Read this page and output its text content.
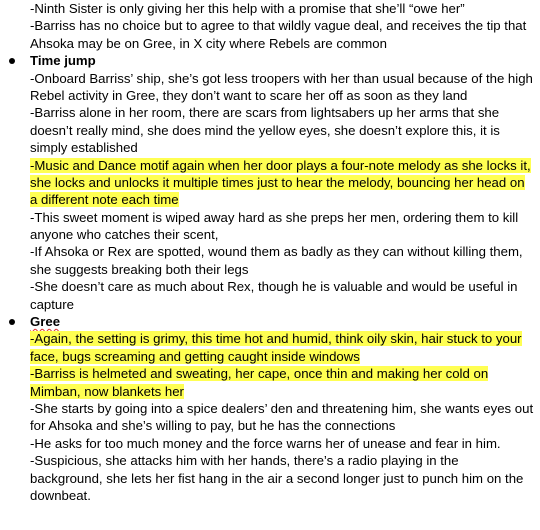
-Ninth Sister is only giving her this help with a promise that she’ll “owe her”
-Barriss has no choice but to agree to that wildly vague deal, and receives the tip that
Ahsoka may be on Gree, in X city where Rebels are common
Time jump
-Onboard Barriss’ ship, she’s got less troopers with her than usual because of the high
Rebel activity in Gree, they don’t want to scare her off as soon as they land
-Barriss alone in her room, there are scars from lightsabers up her arms that she
doesn’t really mind, she does mind the yellow eyes, she doesn’t explore this, it is
simply established
-Music and Dance motif again when her door plays a four-note melody as she locks it,
she locks and unlocks it multiple times just to hear the melody, bouncing her head on
a different note each time
-This sweet moment is wiped away hard as she preps her men, ordering them to kill
anyone who catches their scent,
-If Ahsoka or Rex are spotted, wound them as badly as they can without killing them,
she suggests breaking both their legs
-She doesn’t care as much about Rex, though he is valuable and would be useful in
capture
Gree
-Again, the setting is grimy, this time hot and humid, think oily skin, hair stuck to your
face, bugs screaming and getting caught inside windows
-Barriss is helmeted and sweating, her cape, once thin and making her cold on
Mimban, now blankets her
-She starts by going into a spice dealers’ den and threatening him, she wants eyes out
for Ahsoka and she’s willing to pay, but he has the connections
-He asks for too much money and the force warns her of unease and fear in him.
-Suspicious, she attacks him with her hands, there’s a radio playing in the
background, she lets her fist hang in the air a second longer just to punch him on the
downbeat.
